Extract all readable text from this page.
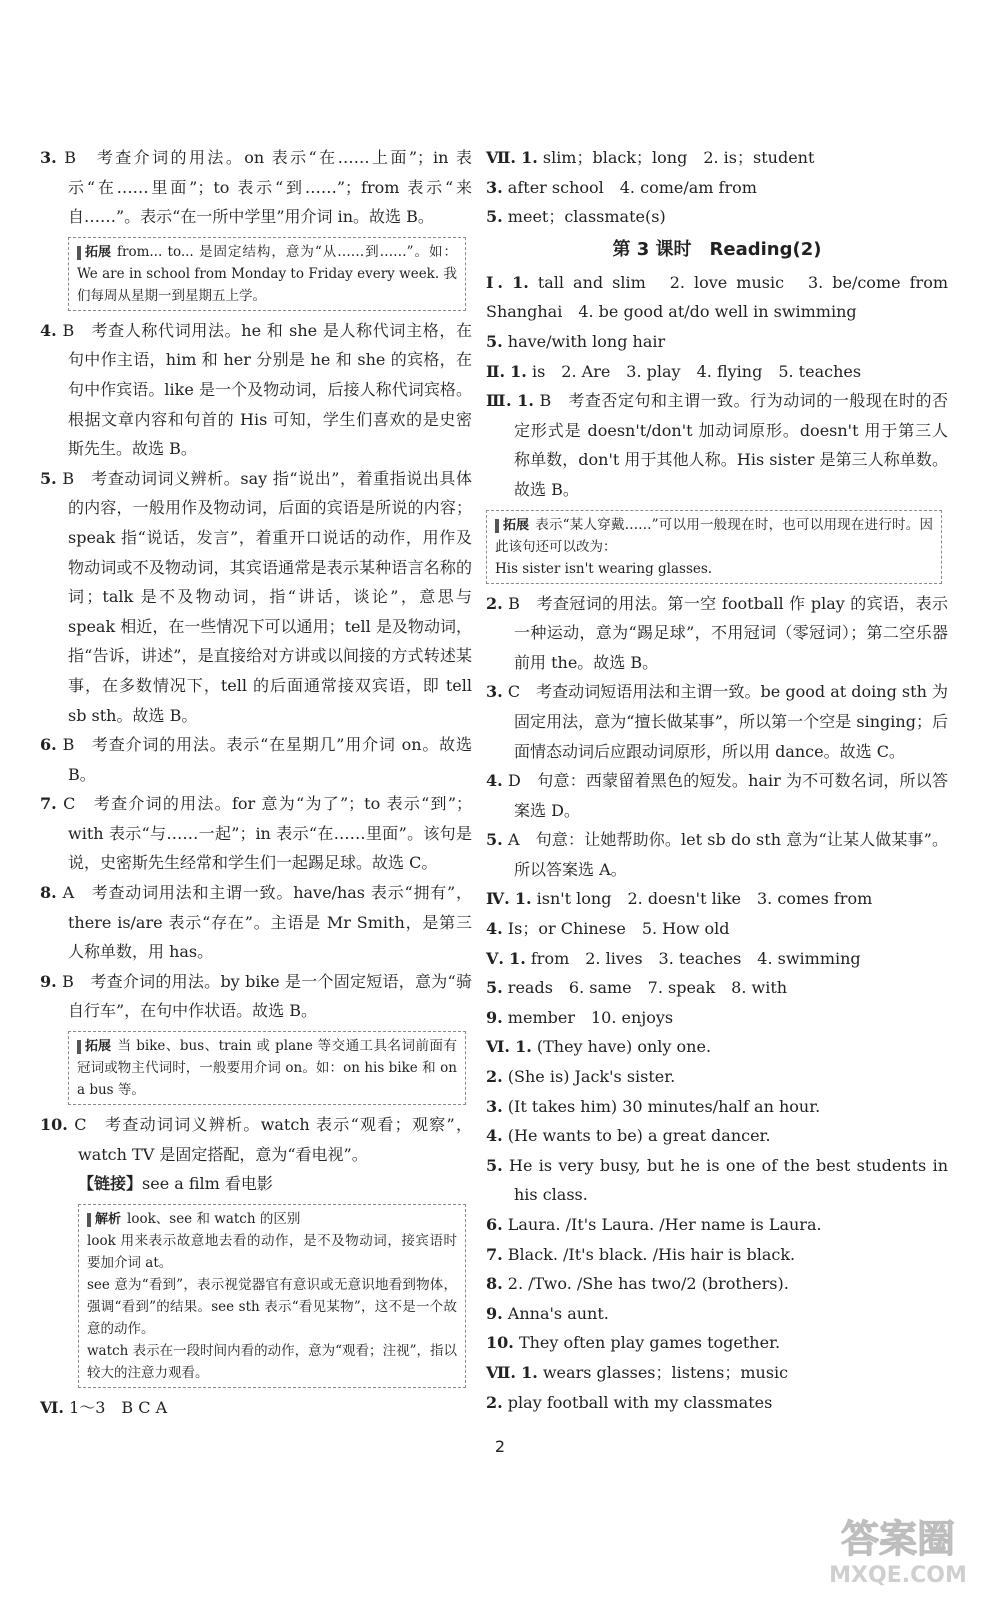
3. B　考查介词的用法。on 表示“在……上面”；in 表示“在……里面”；to 表示“到……”；from 表示“来自……”。表示“在一所中学里”用介词 in。故选 B。

拓展 from... to... 是固定结构，意为“从……到……”。如：We are in school from Monday to Friday every week. 我们每周从星期一到星期五上学。

4. B　考查人称代词用法。he 和 she 是人称代词主格，在句中作主语，him 和 her 分别是 he 和 she 的宾格，在句中作宾语。like 是一个及物动词，后接人称代词宾格。根据文章内容和句首的 His 可知，学生们喜欢的是史密斯先生。故选 B。

5. B　考查动词词义辨析。say 指“说出”，着重指说出具体的内容，一般用作及物动词，后面的宾语是所说的内容；speak 指“说话，发言”，着重开口说话的动作，用作及物动词或不及物动词，其宾语通常是表示某种语言名称的词；talk 是不及物动词，指“讲话，谈论”，意思与 speak 相近，在一些情况下可以通用；tell 是及物动词，指“告诉，讲述”，是直接给对方讲或以间接的方式转述某事，在多数情况下，tell 的后面通常接双宾语，即 tell sb sth。故选 B。

6. B　考查介词的用法。表示“在星期几”用介词 on。故选 B。

7. C　考查介词的用法。for 意为“为了”；to 表示“到”；with 表示“与……一起”；in 表示“在……里面”。该句是说，史密斯先生经常和学生们一起踢足球。故选 C。

8. A　考查动词用法和主谓一致。have/has 表示“拥有”，there is/are 表示“存在”。主语是 Mr Smith，是第三人称单数，用 has。

9. B　考查介词的用法。by bike 是一个固定短语，意为“骑自行车”，在句中作状语。故选 B。

拓展 当 bike、bus、train 或 plane 等交通工具名词前面有冠词或物主代词时，一般要用介词 on。如：on his bike 和 on a bus 等。

10. C　考查动词词义辨析。watch 表示“观看；观察”，watch TV 是固定搭配，意为“看电视”。

【链接】see a film 看电影

解析 look、see 和 watch 的区别
look 用来表示故意地去看的动作，是不及物动词，接宾语时要加介词 at。
see 意为“看到”，表示视觉器官有意识或无意识地看到物体，强调“看到”的结果。see sth 表示“看见某物”，这不是一个故意的动作。
watch 表示在一段时间内看的动作，意为“观看；注视”，指以较大的注意力观看。

Ⅵ. 1～3　B C A

Ⅶ. 1. slim；black；long　2. is；student

3. after school　4. come/am from

5. meet；classmate(s)

第 3 课时　Reading(2)

Ⅰ. 1. tall and slim　2. love music　3. be/come from Shanghai　4. be good at/do well in swimming

5. have/with long hair

Ⅱ. 1. is　2. Are　3. play　4. flying　5. teaches

Ⅲ. 1. B　考查否定句和主谓一致。行为动词的一般现在时的否定形式是 doesn't/don't 加动词原形。doesn't 用于第三人称单数，don't 用于其他人称。His sister 是第三人称单数。故选 B。

拓展 表示“某人穿戴……”可以用一般现在时，也可以用现在进行时。因此该句还可以改为：
His sister isn't wearing glasses.

2. B　考查冠词的用法。第一空 football 作 play 的宾语，表示一种运动，意为“踢足球”，不用冠词（零冠词）；第二空乐器前用 the。故选 B。

3. C　考查动词短语用法和主谓一致。be good at doing sth 为固定用法，意为“擅长做某事”，所以第一个空是 singing；后面情态动词后应跟动词原形，所以用 dance。故选 C。

4. D　句意：西蒙留着黑色的短发。hair 为不可数名词，所以答案选 D。

5. A　句意：让她帮助你。let sb do sth 意为“让某人做某事”。所以答案选 A。

Ⅳ. 1. isn't long　2. doesn't like　3. comes from

4. Is；or Chinese　5. How old

Ⅴ. 1. from　2. lives　3. teaches　4. swimming

5. reads　6. same　7. speak　8. with

9. member　10. enjoys

Ⅵ. 1. (They have) only one.

2. (She is) Jack's sister.

3. (It takes him) 30 minutes/half an hour.

4. (He wants to be) a great dancer.

5. He is very busy, but he is one of the best students in his class.

6. Laura. /It's Laura. /Her name is Laura.

7. Black. /It's black. /His hair is black.

8. 2. /Two. /She has two/2 (brothers).

9. Anna's aunt.

10. They often play games together.

Ⅶ. 1. wears glasses；listens；music

2. play football with my classmates

2
答案圈
MXQE.COM
